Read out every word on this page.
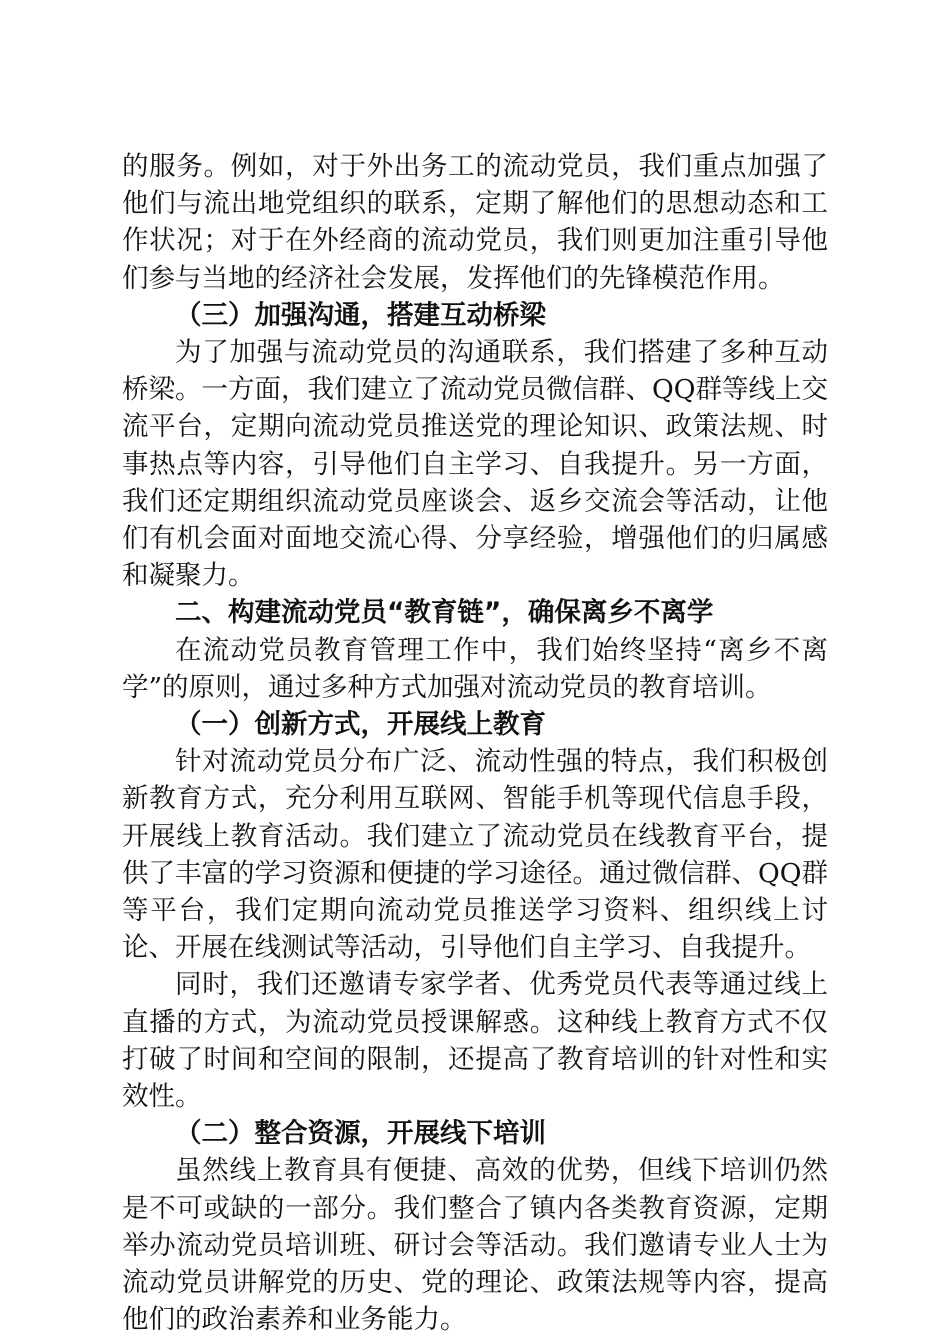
的服务。例如，对于外出务工的流动党员，我们重点加强了他们与流出地党组织的联系，定期了解他们的思想动态和工作状况；对于在外经商的流动党员，我们则更加注重引导他们参与当地的经济社会发展，发挥他们的先锋模范作用。

（三）加强沟通，搭建互动桥梁

为了加强与流动党员的沟通联系，我们搭建了多种互动桥梁。一方面，我们建立了流动党员微信群、QQ群等线上交流平台，定期向流动党员推送党的理论知识、政策法规、时事热点等内容，引导他们自主学习、自我提升。另一方面，我们还定期组织流动党员座谈会、返乡交流会等活动，让他们有机会面对面地交流心得、分享经验，增强他们的归属感和凝聚力。

二、构建流动党员“教育链”，确保离乡不离学

在流动党员教育管理工作中，我们始终坚持“离乡不离学”的原则，通过多种方式加强对流动党员的教育培训。

（一）创新方式，开展线上教育

针对流动党员分布广泛、流动性强的特点，我们积极创新教育方式，充分利用互联网、智能手机等现代信息手段，开展线上教育活动。我们建立了流动党员在线教育平台，提供了丰富的学习资源和便捷的学习途径。通过微信群、QQ群等平台，我们定期向流动党员推送学习资料、组织线上讨论、开展在线测试等活动，引导他们自主学习、自我提升。

同时，我们还邀请专家学者、优秀党员代表等通过线上直播的方式，为流动党员授课解惑。这种线上教育方式不仅打破了时间和空间的限制，还提高了教育培训的针对性和实效性。

（二）整合资源，开展线下培训

虽然线上教育具有便捷、高效的优势，但线下培训仍然是不可或缺的一部分。我们整合了镇内各类教育资源，定期举办流动党员培训班、研讨会等活动。我们邀请专业人士为流动党员讲解党的历史、党的理论、政策法规等内容，提高他们的政治素养和业务能力。
